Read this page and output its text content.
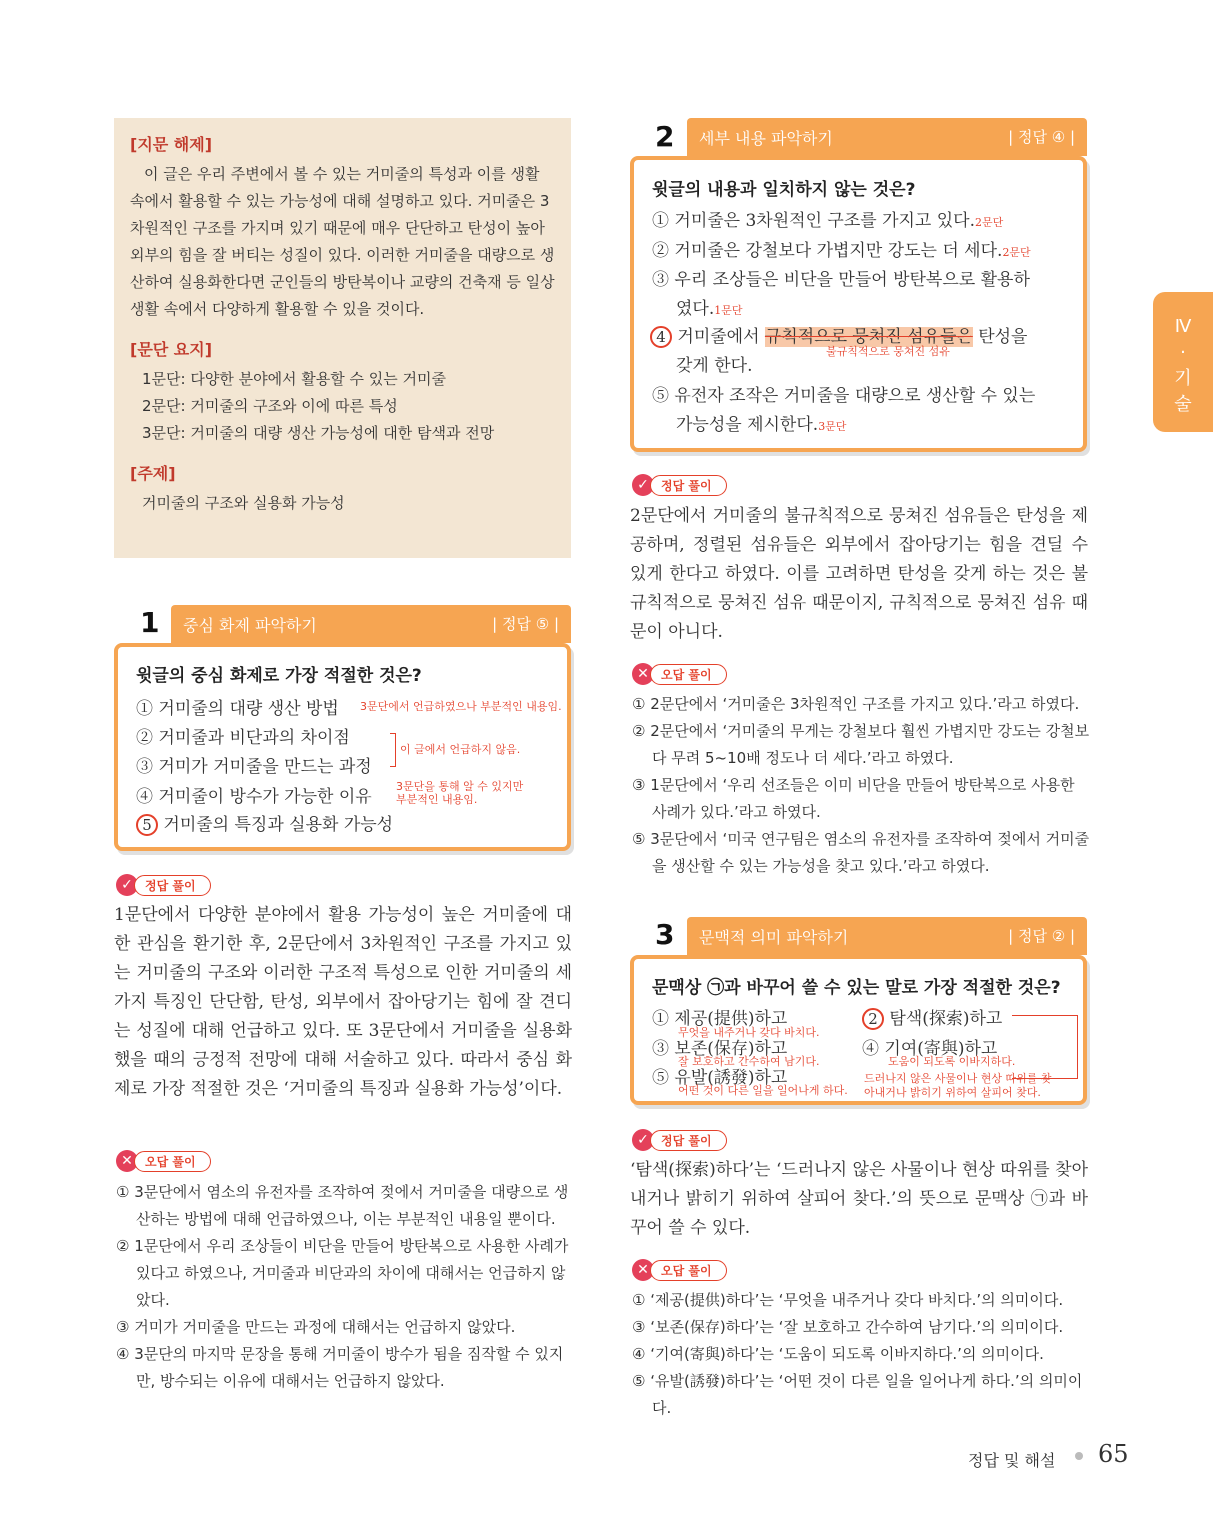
[지문 해제]
이 글은 우리 주변에서 볼 수 있는 거미줄의 특성과 이를 생활 속에서 활용할 수 있는 가능성에 대해 설명하고 있다. 거미줄은 3차원적인 구조를 가지며 있기 때문에 매우 단단하고 탄성이 높아 외부의 힘을 잘 버티는 성질이 있다. 이러한 거미줄을 대량으로 생산하여 실용화한다면 군인들의 방탄복이나 교량의 건축재 등 일상생활 속에서 다양하게 활용할 수 있을 것이다.
[문단 요지]
1문단: 다양한 분야에서 활용할 수 있는 거미줄
2문단: 거미줄의 구조와 이에 따른 특성
3문단: 거미줄의 대량 생산 가능성에 대한 탐색과 전망
[주제]
거미줄의 구조와 실용화 가능성
1 중심 화제 파악하기	| 정답 ⑤ |
윗글의 중심 화제로 가장 적절한 것은?
① 거미줄의 대량 생산 방법 3문단에서 언급하였으나 부분적인 내용임.
② 거미줄과 비단과의 차이점
③ 거미가 거미줄을 만드는 과정
이 글에서 언급하지 않음.
④ 거미줄이 방수가 가능한 이유
3문단을 통해 알 수 있지만
부분적인 내용임.
5 거미줄의 특징과 실용화 가능성
✓	정답 풀이
1문단에서 다양한 분야에서 활용 가능성이 높은 거미줄에 대한 관심을 환기한 후, 2문단에서 3차원적인 구조를 가지고 있는 거미줄의 구조와 이러한 구조적 특성으로 인한 거미줄의 세 가지 특징인 단단함, 탄성, 외부에서 잡아당기는 힘에 잘 견디는 성질에 대해 언급하고 있다. 또 3문단에서 거미줄을 실용화했을 때의 긍정적 전망에 대해 서술하고 있다. 따라서 중심 화제로 가장 적절한 것은 ‘거미줄의 특징과 실용화 가능성’이다.
✕	오답 풀이
① 3문단에서 염소의 유전자를 조작하여 젖에서 거미줄을 대량으로 생산하는 방법에 대해 언급하였으나, 이는 부분적인 내용일 뿐이다.
② 1문단에서 우리 조상들이 비단을 만들어 방탄복으로 사용한 사례가 있다고 하였으나, 거미줄과 비단과의 차이에 대해서는 언급하지 않았다.
③ 거미가 거미줄을 만드는 과정에 대해서는 언급하지 않았다.
④ 3문단의 마지막 문장을 통해 거미줄이 방수가 됨을 짐작할 수 있지만, 방수되는 이유에 대해서는 언급하지 않았다.
2 세부 내용 파악하기	| 정답 ④ |
윗글의 내용과 일치하지 않는 것은?
① 거미줄은 3차원적인 구조를 가지고 있다.2문단
② 거미줄은 강철보다 가볍지만 강도는 더 세다.2문단
③ 우리 조상들은 비단을 만들어 방탄복으로 활용하
였다.1문단
4 거미줄에서 규칙적으로 뭉쳐진 섬유들은 탄성을
불규칙적으로 뭉쳐진 섬유
갖게 한다.
⑤ 유전자 조작은 거미줄을 대량으로 생산할 수 있는
가능성을 제시한다.3문단
✓	정답 풀이
2문단에서 거미줄의 불규칙적으로 뭉쳐진 섬유들은 탄성을 제공하며, 정렬된 섬유들은 외부에서 잡아당기는 힘을 견딜 수 있게 한다고 하였다. 이를 고려하면 탄성을 갖게 하는 것은 불규칙적으로 뭉쳐진 섬유 때문이지, 규칙적으로 뭉쳐진 섬유 때문이 아니다.
✕	오답 풀이
① 2문단에서 ‘거미줄은 3차원적인 구조를 가지고 있다.’라고 하였다.
② 2문단에서 ‘거미줄의 무게는 강철보다 훨씬 가볍지만 강도는 강철보다 무려 5~10배 정도나 더 세다.’라고 하였다.
③ 1문단에서 ‘우리 선조들은 이미 비단을 만들어 방탄복으로 사용한 사례가 있다.’라고 하였다.
⑤ 3문단에서 ‘미국 연구팀은 염소의 유전자를 조작하여 젖에서 거미줄을 생산할 수 있는 가능성을 찾고 있다.’라고 하였다.
3 문맥적 의미 파악하기	| 정답 ② |
문맥상 ㉠과 바꾸어 쓸 수 있는 말로 가장 적절한 것은?
① 제공(提供)하고
무엇을 내주거나 갖다 바치다.
2 탐색(探索)하고
③ 보존(保存)하고
잘 보호하고 간수하여 남기다.
④ 기여(寄與)하고
도움이 되도록 이바지하다.
⑤ 유발(誘發)하고
어떤 것이 다른 일을 일어나게 하다.
드러나지 않은 사물이나 현상 따위를 찾
아내거나 밝히기 위하여 살피어 찾다.
✓	정답 풀이
‘탐색(探索)하다’는 ‘드러나지 않은 사물이나 현상 따위를 찾아내거나 밝히기 위하여 살피어 찾다.’의 뜻으로 문맥상 ㉠과 바꾸어 쓸 수 있다.
✕	오답 풀이
① ‘제공(提供)하다’는 ‘무엇을 내주거나 갖다 바치다.’의 의미이다.
③ ‘보존(保存)하다’는 ‘잘 보호하고 간수하여 남기다.’의 의미이다.
④ ‘기여(寄與)하다’는 ‘도움이 되도록 이바지하다.’의 의미이다.
⑤ ‘유발(誘發)하다’는 ‘어떤 것이 다른 일을 일어나게 하다.’의 의미이다.
Ⅳ
·
기
술
정답 및 해설 65
